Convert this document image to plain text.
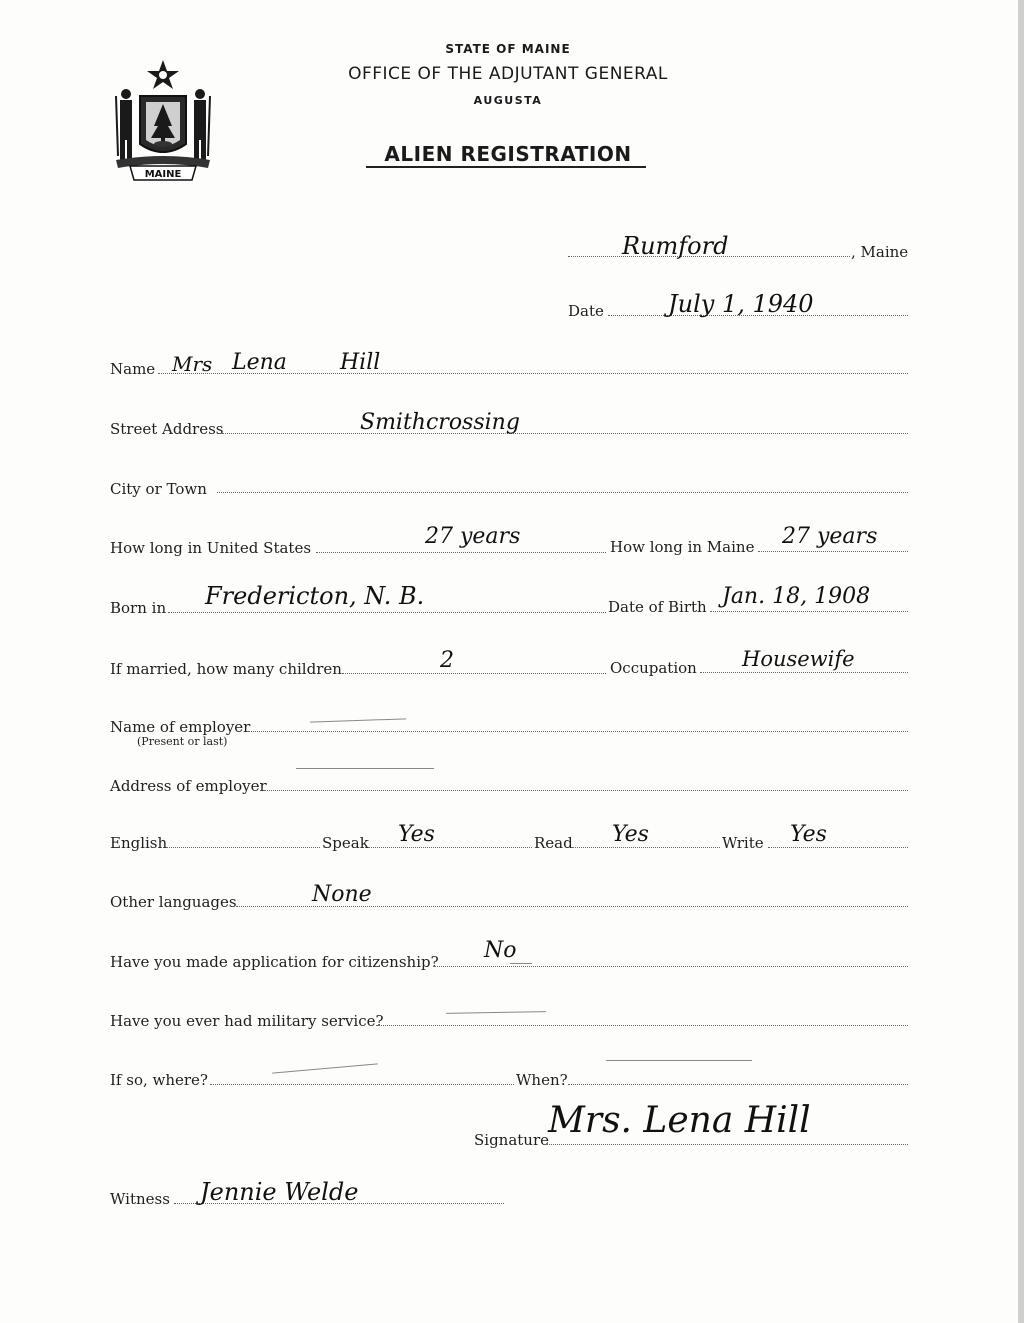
MAINE
STATE OF MAINE
OFFICE OF THE ADJUTANT GENERAL
AUGUSTA
ALIEN REGISTRATION
Rumford	, Maine
Date	July 1, 1940
Name Mrs Lena Hill
Street Address	Smithcrossing
City or Town
How long in United States	27 years	How long in Maine 27 years
Born in Fredericton, N. B.	Date of Birth Jan. 18, 1908
If married, how many children	2	Occupation Housewife
Name of employer
(Present or last)
Address of employer
English	Speak Yes	Read Yes	Write Yes
Other languages	None
Have you made application for citizenship? No
Have you ever had military service?
If so, where?	When?
Signature
Mrs. Lena Hill
Witness Jennie Welde
